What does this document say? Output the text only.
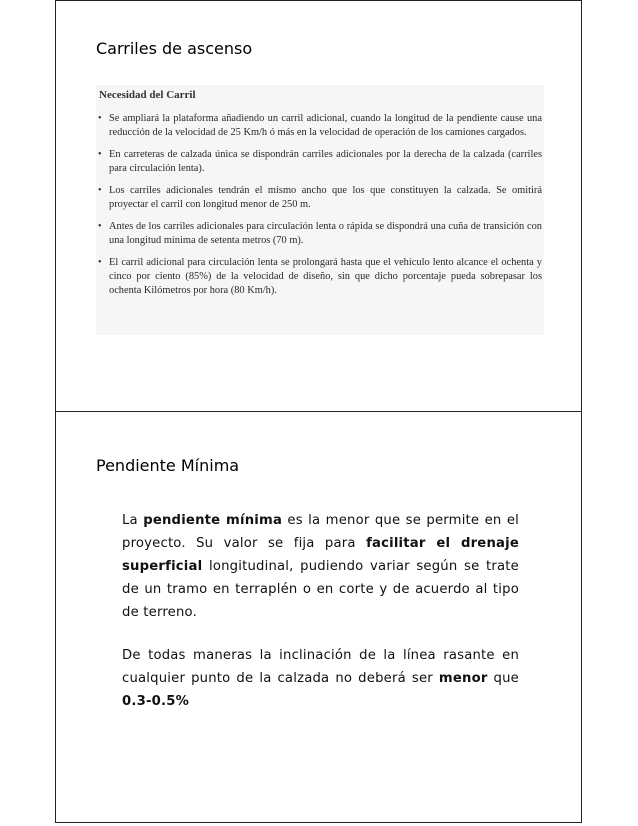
Carriles de ascenso
Necesidad del Carril
• Se ampliará la plataforma añadiendo un carril adicional, cuando la longitud de la pendiente cause una reducción de la velocidad de 25 Km/h ó más en la velocidad de operación de los camiones cargados.
• En carreteras de calzada única se dispondrán carriles adicionales por la derecha de la calzada (carriles para circulación lenta).
• Los carriles adicionales tendrán el mismo ancho que los que constituyen la calzada. Se omitirá proyectar el carril con longitud menor de 250 m.
• Antes de los carriles adicionales para circulación lenta o rápida se dispondrá una cuña de transición con una longitud mínima de setenta metros (70 m).
• El carril adicional para circulación lenta se prolongará hasta que el vehículo lento alcance el ochenta y cinco por ciento (85%) de la velocidad de diseño, sin que dicho porcentaje pueda sobrepasar los ochenta Kilómetros por hora (80 Km/h).
Pendiente Mínima

La pendiente mínima es la menor que se permite en el proyecto. Su valor se fija para facilitar el drenaje superficial longitudinal, pudiendo variar según se trate de un tramo en terraplén o en corte y de acuerdo al tipo de terreno.

De todas maneras la inclinación de la línea rasante en cualquier punto de la calzada no deberá ser menor que 0.3-0.5%
